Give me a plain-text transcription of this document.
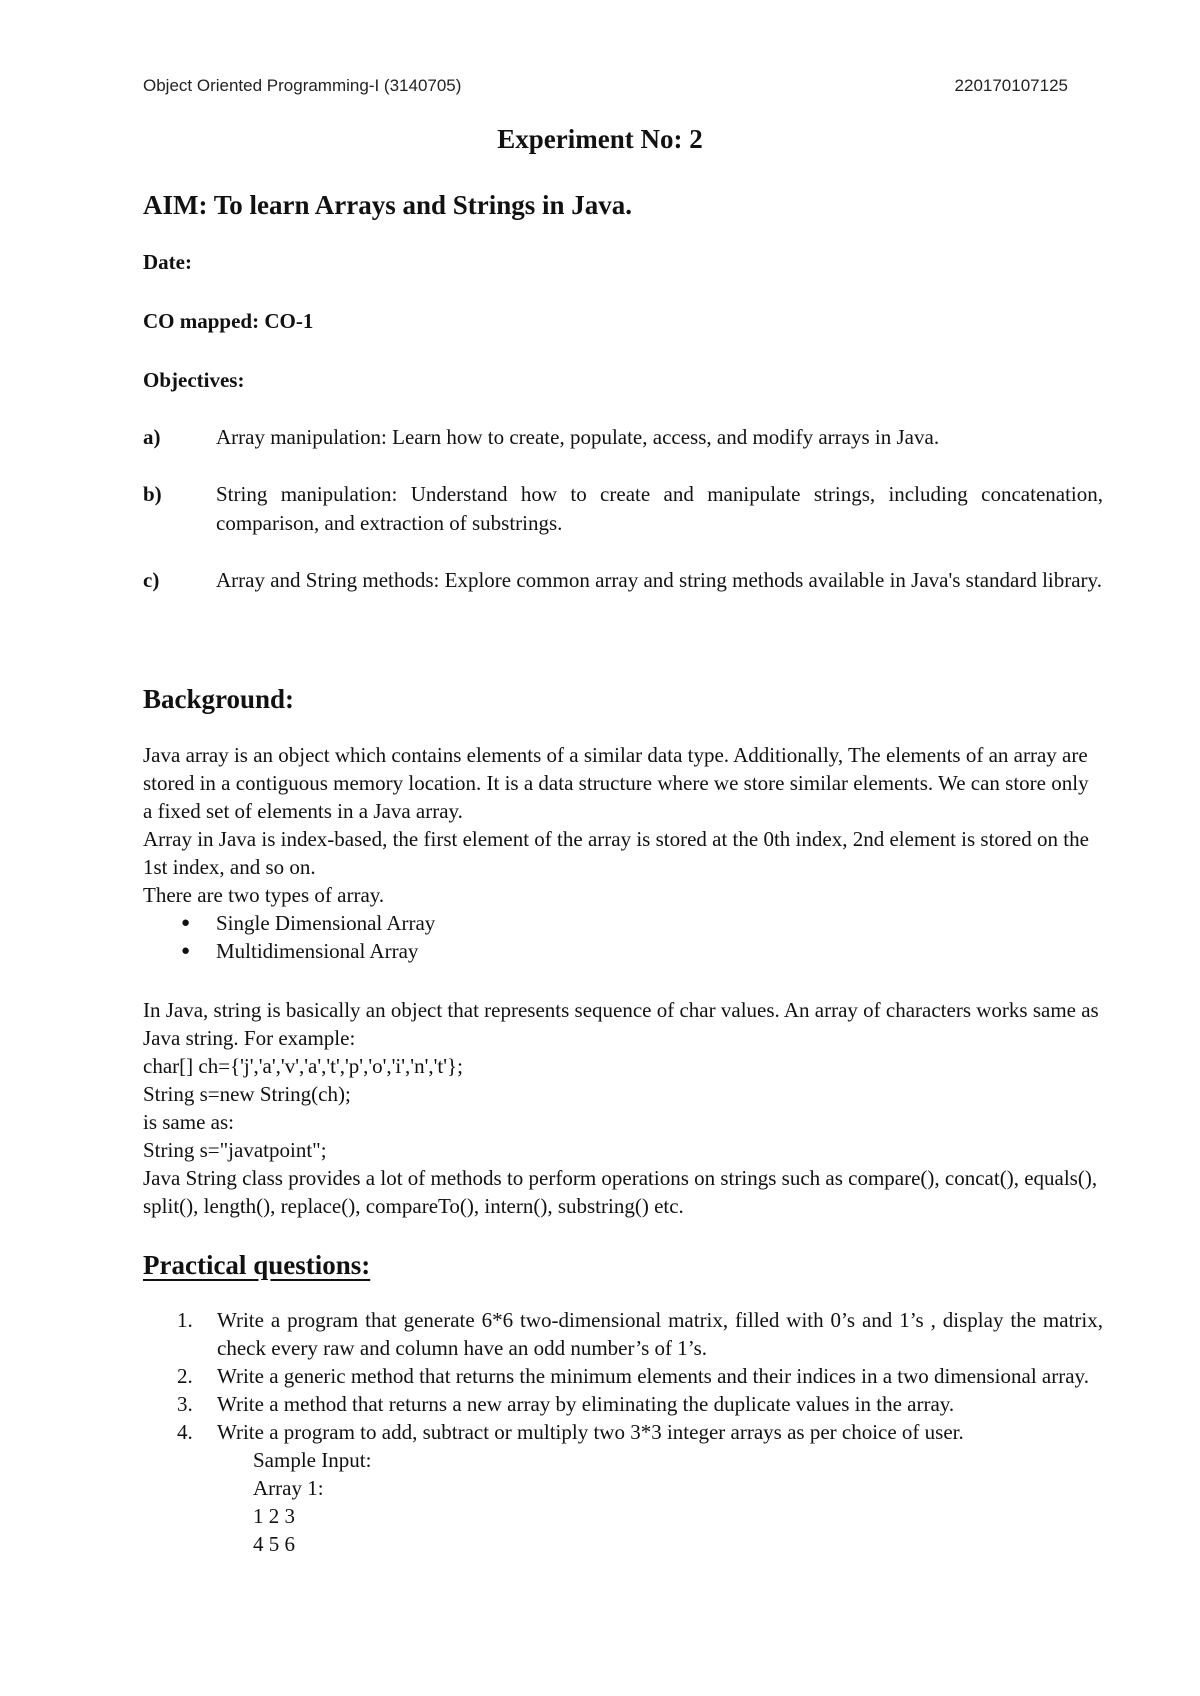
Object Oriented Programming-I (3140705)	220170107125
Experiment No: 2
AIM: To learn Arrays and Strings in Java.
Date:
CO mapped: CO-1
Objectives:
a)	Array manipulation: Learn how to create, populate, access, and modify arrays in Java.
b)	String manipulation: Understand how to create and manipulate strings, including concatenation, comparison, and extraction of substrings.
c)	Array and String methods: Explore common array and string methods available in Java's standard library.
Background:

Java array is an object which contains elements of a similar data type. Additionally, The elements of an array are stored in a contiguous memory location. It is a data structure where we store similar elements. We can store only a fixed set of elements in a Java array.

Array in Java is index-based, the first element of the array is stored at the 0th index, 2nd element is stored on the 1st index, and so on.

There are two types of array.

●	Single Dimensional Array
●	Multidimensional Array

In Java, string is basically an object that represents sequence of char values. An array of characters works same as Java string. For example:

char[] ch={'j','a','v','a','t','p','o','i','n','t'};

String s=new String(ch);

is same as:

String s="javatpoint";

Java String class provides a lot of methods to perform operations on strings such as compare(), concat(), equals(), split(), length(), replace(), compareTo(), intern(), substring() etc.

Practical questions:
1. Write a program that generate 6*6 two-dimensional matrix, filled with 0’s and 1’s , display the matrix, check every raw and column have an odd number’s of 1’s.
2. Write a generic method that returns the minimum elements and their indices in a two dimensional array.
3. Write a method that returns a new array by eliminating the duplicate values in the array.
4. Write a program to add, subtract or multiply two 3*3 integer arrays as per choice of user.
Sample Input:
Array 1:
1 2 3
4 5 6
